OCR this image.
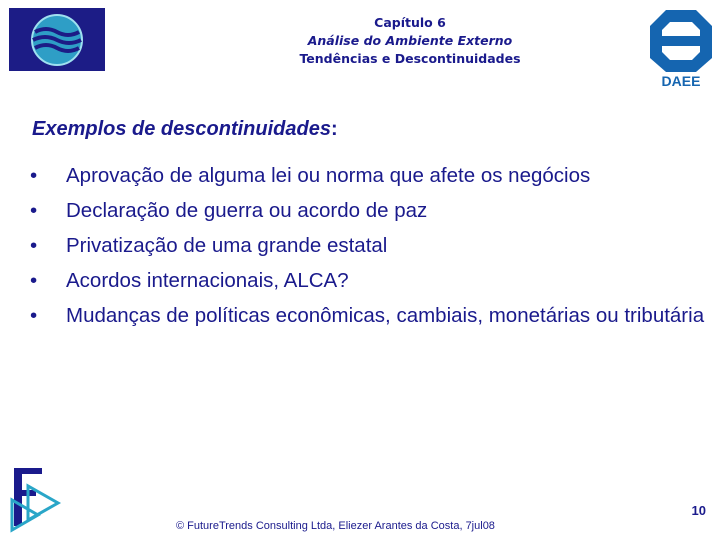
Capítulo 6
Análise do Ambiente Externo
Tendências e Descontinuidades
DAEE
Exemplos de descontinuidades:
• Aprovação de alguma lei ou norma que afete os negócios
• Declaração de guerra ou acordo de paz
• Privatização de uma grande estatal
• Acordos internacionais, ALCA?
• Mudanças de políticas econômicas, cambiais, monetárias ou tributária
10
© FutureTrends Consulting Ltda, Eliezer Arantes da Costa, 7jul08
